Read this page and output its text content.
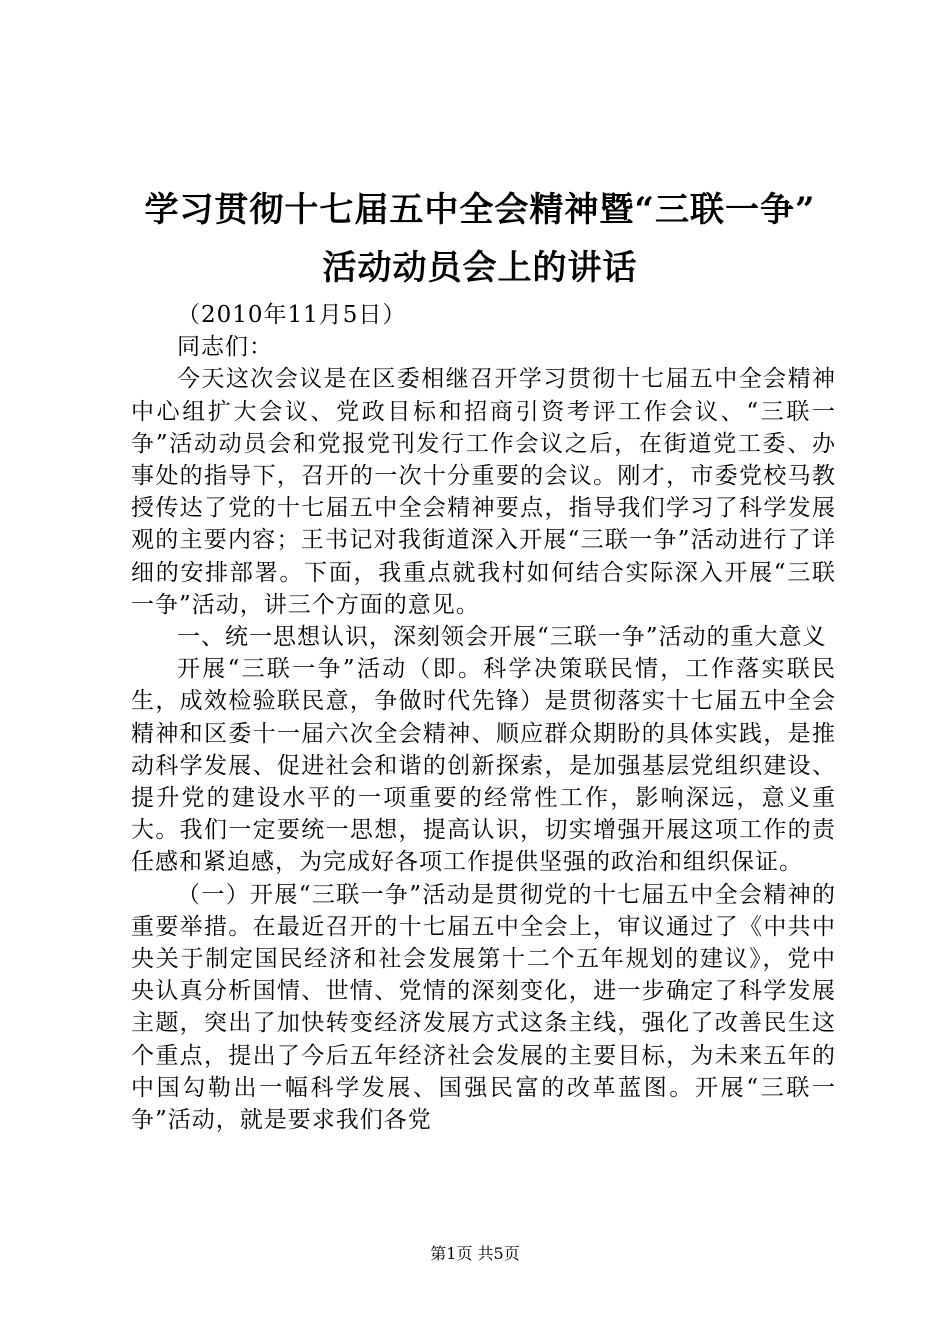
学习贯彻十七届五中全会精神暨“三联一争”
活动动员会上的讲话

（2010年11月5日）

同志们：

今天这次会议是在区委相继召开学习贯彻十七届五中全会精神中心组扩大会议、党政目标和招商引资考评工作会议、“三联一争”活动动员会和党报党刊发行工作会议之后，在街道党工委、办事处的指导下，召开的一次十分重要的会议。刚才，市委党校马教授传达了党的十七届五中全会精神要点，指导我们学习了科学发展观的主要内容；王书记对我街道深入开展“三联一争”活动进行了详细的安排部署。下面，我重点就我村如何结合实际深入开展“三联一争”活动，讲三个方面的意见。

一、统一思想认识，深刻领会开展“三联一争”活动的重大意义

开展“三联一争”活动（即。科学决策联民情，工作落实联民生，成效检验联民意，争做时代先锋）是贯彻落实十七届五中全会精神和区委十一届六次全会精神、顺应群众期盼的具体实践，是推动科学发展、促进社会和谐的创新探索，是加强基层党组织建设、提升党的建设水平的一项重要的经常性工作，影响深远，意义重大。我们一定要统一思想，提高认识，切实增强开展这项工作的责任感和紧迫感，为完成好各项工作提供坚强的政治和组织保证。

（一）开展“三联一争”活动是贯彻党的十七届五中全会精神的重要举措。在最近召开的十七届五中全会上，审议通过了《中共中央关于制定国民经济和社会发展第十二个五年规划的建议》，党中央认真分析国情、世情、党情的深刻变化，进一步确定了科学发展主题，突出了加快转变经济发展方式这条主线，强化了改善民生这个重点，提出了今后五年经济社会发展的主要目标，为未来五年的中国勾勒出一幅科学发展、国强民富的改革蓝图。开展“三联一争”活动，就是要求我们各党

第1页 共5页
